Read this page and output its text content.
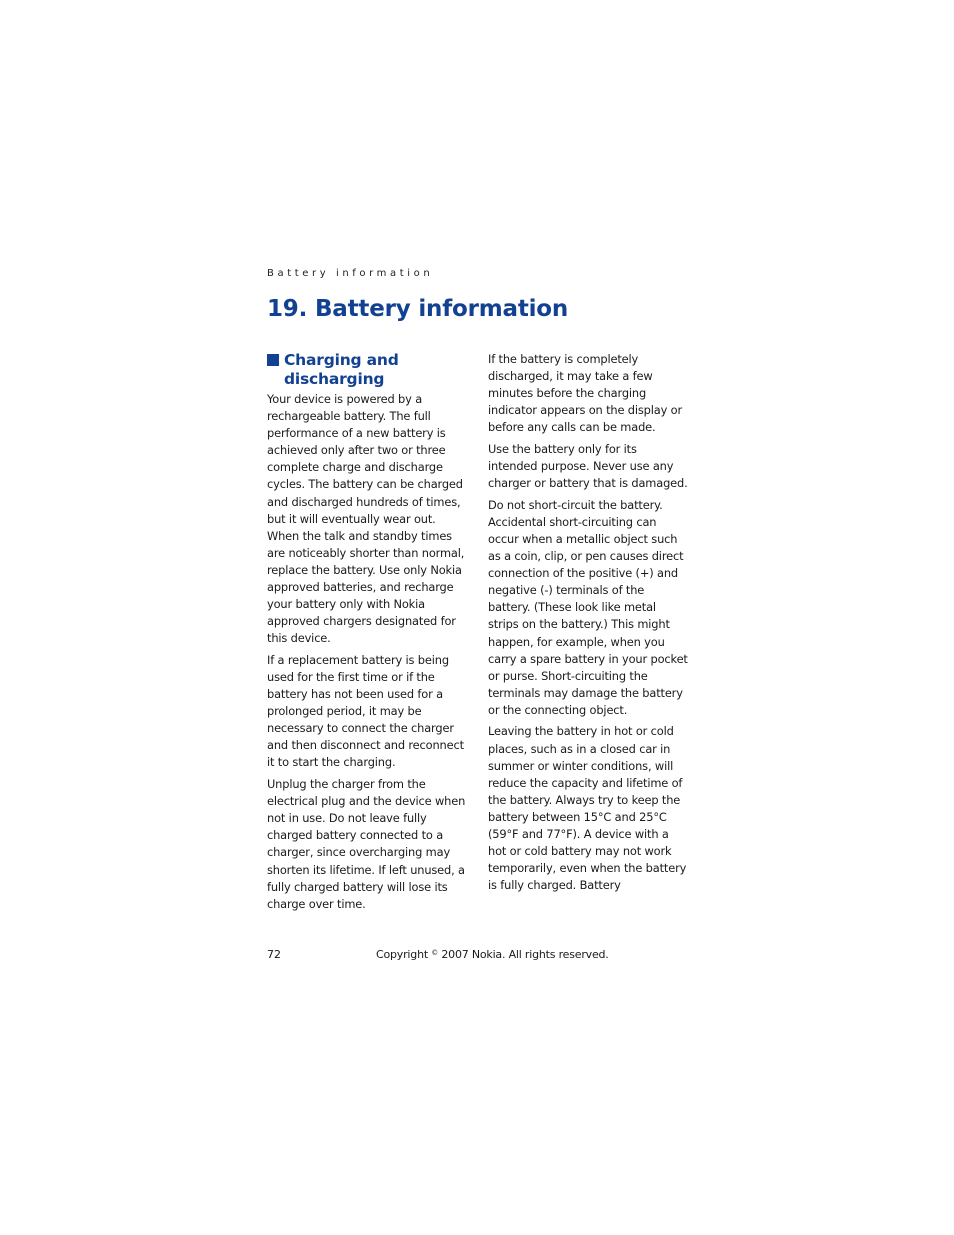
Battery information
19. Battery information
Charging and discharging

Your device is powered by a rechargeable battery. The full performance of a new battery is achieved only after two or three complete charge and discharge cycles. The battery can be charged and discharged hundreds of times, but it will eventually wear out. When the talk and standby times are noticeably shorter than normal, replace the battery. Use only Nokia approved batteries, and recharge your battery only with Nokia approved chargers designated for this device.

If a replacement battery is being used for the first time or if the battery has not been used for a prolonged period, it may be necessary to connect the charger and then disconnect and reconnect it to start the charging.

Unplug the charger from the electrical plug and the device when not in use. Do not leave fully charged battery connected to a charger, since overcharging may shorten its lifetime. If left unused, a fully charged battery will lose its charge over time.

If the battery is completely discharged, it may take a few minutes before the charging indicator appears on the display or before any calls can be made.

Use the battery only for its intended purpose. Never use any charger or battery that is damaged.

Do not short-circuit the battery. Accidental short-circuiting can occur when a metallic object such as a coin, clip, or pen causes direct connection of the positive (+) and negative (-) terminals of the battery. (These look like metal strips on the battery.) This might happen, for example, when you carry a spare battery in your pocket or purse. Short-circuiting the terminals may damage the battery or the connecting object.

Leaving the battery in hot or cold places, such as in a closed car in summer or winter conditions, will reduce the capacity and lifetime of the battery. Always try to keep the battery between 15°C and 25°C (59°F and 77°F). A device with a hot or cold battery may not work temporarily, even when the battery is fully charged. Battery

72	Copyright © 2007 Nokia. All rights reserved.
